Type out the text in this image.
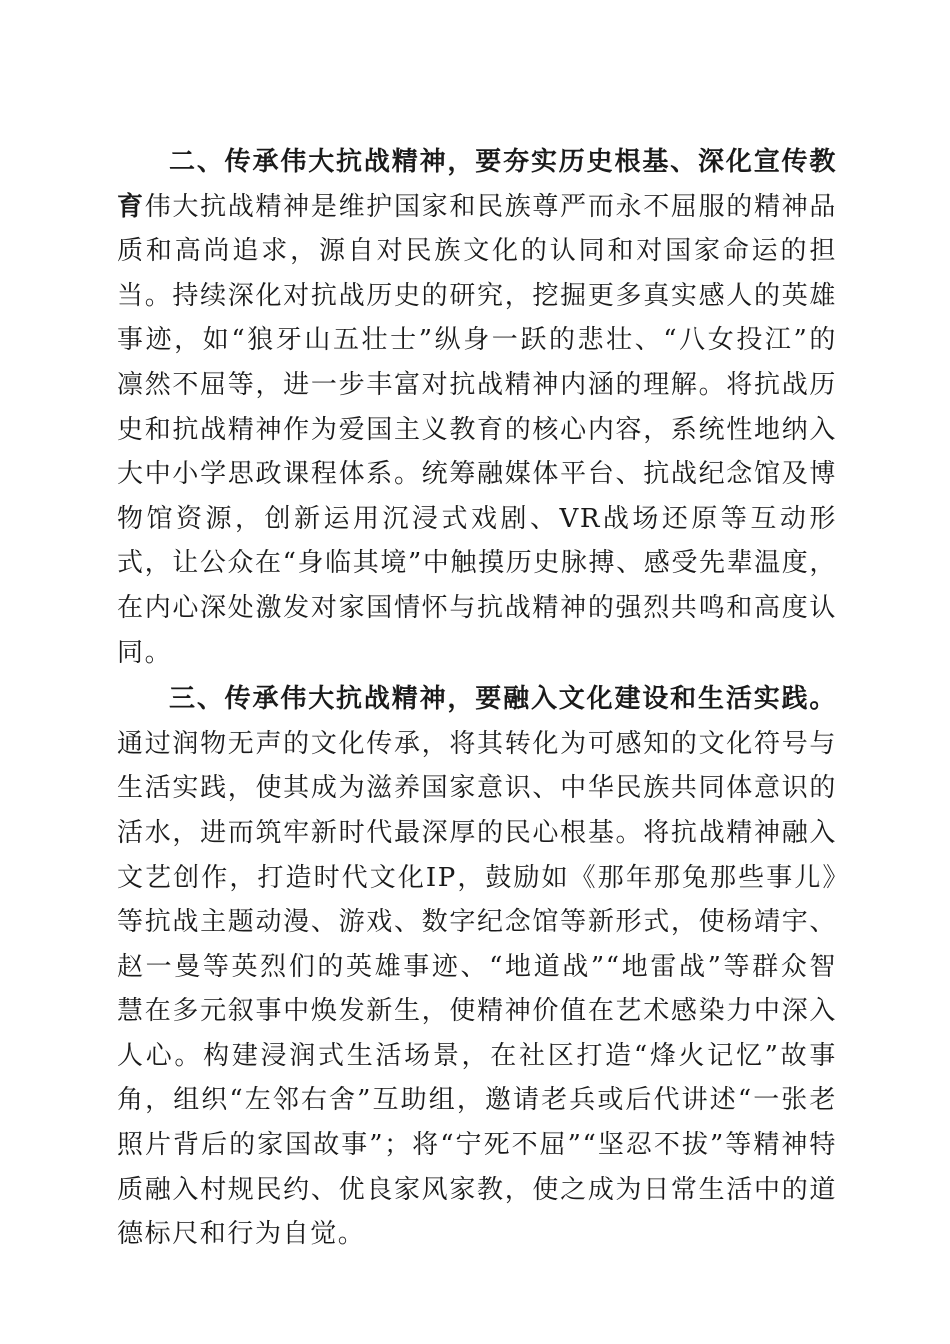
二、传承伟大抗战精神，要夯实历史根基、深化宣传教育伟大抗战精神是维护国家和民族尊严而永不屈服的精神品质和高尚追求，源自对民族文化的认同和对国家命运的担当。持续深化对抗战历史的研究，挖掘更多真实感人的英雄事迹，如“狼牙山五壮士”纵身一跃的悲壮、“八女投江”的凛然不屈等，进一步丰富对抗战精神内涵的理解。将抗战历史和抗战精神作为爱国主义教育的核心内容，系统性地纳入大中小学思政课程体系。统筹融媒体平台、抗战纪念馆及博物馆资源，创新运用沉浸式戏剧、VR战场还原等互动形式，让公众在“身临其境”中触摸历史脉搏、感受先辈温度，在内心深处激发对家国情怀与抗战精神的强烈共鸣和高度认同。

三、传承伟大抗战精神，要融入文化建设和生活实践。通过润物无声的文化传承，将其转化为可感知的文化符号与生活实践，使其成为滋养国家意识、中华民族共同体意识的活水，进而筑牢新时代最深厚的民心根基。将抗战精神融入文艺创作，打造时代文化IP，鼓励如《那年那兔那些事儿》等抗战主题动漫、游戏、数字纪念馆等新形式，使杨靖宇、赵一曼等英烈们的英雄事迹、“地道战”“地雷战”等群众智慧在多元叙事中焕发新生，使精神价值在艺术感染力中深入人心。构建浸润式生活场景，在社区打造“烽火记忆”故事角，组织“左邻右舍”互助组，邀请老兵或后代讲述“一张老照片背后的家国故事”；将“宁死不屈”“坚忍不拔”等精神特质融入村规民约、优良家风家教，使之成为日常生活中的道德标尺和行为自觉。
